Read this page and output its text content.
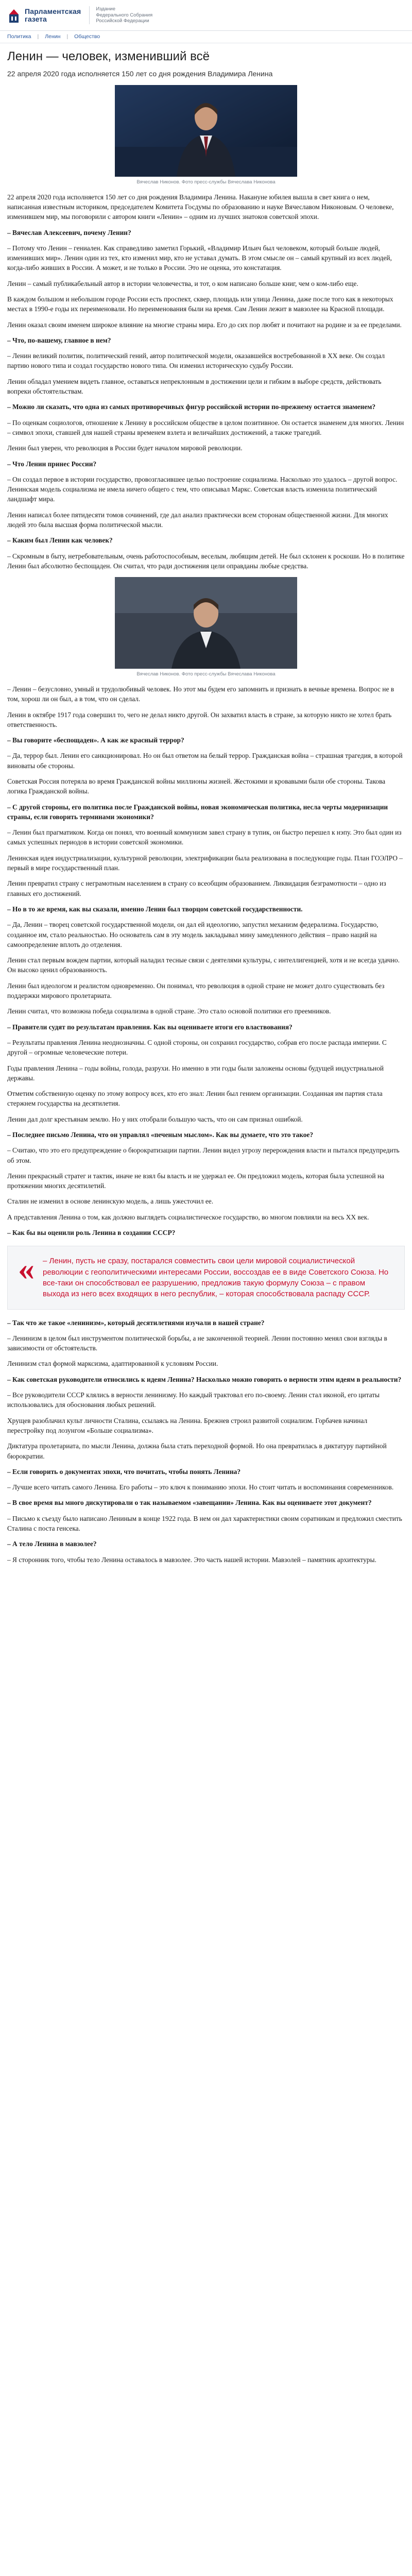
Парламентская
газета
Издание
Федерального Собрания
Российской Федерации
Политика | Ленин | Общество
Ленин — человек, изменивший всё
22 апреля 2020 года исполняется 150 лет со дня рождения Владимира Ленина
Вячеслав Никонов. Фото пресс-службы Вячеслава Никонова

22 апреля 2020 года исполняется 150 лет со дня рождения Владимира Ленина. Накануне юбилея вышла в свет книга о нем, написанная известным историком, председателем Комитета Госдумы по образованию и науке Вячеславом Никоновым. О человеке, изменившем мир, мы поговорили с автором книги «Ленин» – одним из лучших знатоков советской эпохи.

– Вячеслав Алексеевич, почему Ленин?

– Потому что Ленин – гениален. Как справедливо заметил Горький, «Владимир Ильич был человеком, который больше людей, изменивших мир». Ленин один из тех, кто изменил мир, кто не уставал думать. В этом смысле он – самый крупный из всех людей, когда-либо живших в России. А может, и не только в России. Это не оценка, это констатация.

Ленин – самый публикабельный автор в истории человечества, и тот, о ком написано больше книг, чем о ком-либо еще.

В каждом большом и небольшом городе России есть проспект, сквер, площадь или улица Ленина, даже после того как в некоторых местах в 1990-е годы их переименовали. Но переименования были на время. Сам Ленин лежит в мавзолее на Красной площади.

Ленин оказал своим именем широкое влияние на многие страны мира. Его до сих пор любят и почитают на родине и за ее пределами.

– Что, по-вашему, главное в нем?

– Ленин великий политик, политический гений, автор политической модели, оказавшейся востребованной в ХХ веке. Он создал партию нового типа и создал государство нового типа. Он изменил историческую судьбу России.

Ленин обладал умением видеть главное, оставаться непреклонным в достижении цели и гибким в выборе средств, действовать вопреки обстоятельствам.

– Можно ли сказать, что одна из самых противоречивых фигур российской истории по-прежнему остается знаменем?

– По оценкам социологов, отношение к Ленину в российском обществе в целом позитивное. Он остается знаменем для многих. Ленин – символ эпохи, ставшей для нашей страны временем взлета и величайших достижений, а также трагедий.

Ленин был уверен, что революция в России будет началом мировой революции.

– Что Ленин принес России?

– Он создал первое в истории государство, провозгласившее целью построение социализма. Насколько это удалось – другой вопрос. Ленинская модель социализма не имела ничего общего с тем, что описывал Маркс. Советская власть изменила политический ландшафт мира.

Ленин написал более пятидесяти томов сочинений, где дал анализ практически всем сторонам общественной жизни. Для многих людей это была высшая форма политической мысли.

– Каким был Ленин как человек?

– Скромным в быту, нетребовательным, очень работоспособным, веселым, любящим детей. Не был склонен к роскоши. Но в политике Ленин был абсолютно беспощаден. Он считал, что ради достижения цели оправданы любые средства.

Вячеслав Никонов. Фото пресс-службы Вячеслава Никонова

– Ленин – безусловно, умный и трудолюбивый человек. Но этот мы будем его запомнить и признать в вечные времена. Вопрос не в том, хорош ли он был, а в том, что он сделал.

Ленин в октябре 1917 года совершил то, чего не делал никто другой. Он захватил власть в стране, за которую никто не хотел брать ответственность.

– Вы говорите «беспощаден». А как же красный террор?

– Да, террор был. Ленин его санкционировал. Но он был ответом на белый террор. Гражданская война – страшная трагедия, в которой виноваты обе стороны.

Советская Россия потеряла во время Гражданской войны миллионы жизней. Жестокими и кровавыми были обе стороны. Такова логика Гражданской войны.

– С другой стороны, его политика после Гражданской войны, новая экономическая политика, несла черты модернизации страны, если говорить терминами экономики?

– Ленин был прагматиком. Когда он понял, что военный коммунизм завел страну в тупик, он быстро перешел к нэпу. Это был один из самых успешных периодов в истории советской экономики.

Ленинская идея индустриализации, культурной революции, электрификации была реализована в последующие годы. План ГОЭЛРО – первый в мире государственный план.

Ленин превратил страну с неграмотным населением в страну со всеобщим образованием. Ликвидация безграмотности – одно из главных его достижений.

– Но в то же время, как вы сказали, именно Ленин был творцом советской государственности.

– Да, Ленин – творец советской государственной модели, он дал ей идеологию, запустил механизм федерализма. Государство, созданное им, стало реальностью. Но основатель сам в эту модель закладывал мину замедленного действия – право наций на самоопределение вплоть до отделения.

Ленин стал первым вождем партии, который наладил тесные связи с деятелями культуры, с интеллигенцией, хотя и не всегда удачно. Он высоко ценил образованность.

Ленин был идеологом и реалистом одновременно. Он понимал, что революция в одной стране не может долго существовать без поддержки мирового пролетариата.

Ленин считал, что возможна победа социализма в одной стране. Это стало основой политики его преемников.

– Правители судят по результатам правления. Как вы оцениваете итоги его властвования?

– Результаты правления Ленина неоднозначны. С одной стороны, он сохранил государство, собрав его после распада империи. С другой – огромные человеческие потери.

Годы правления Ленина – годы войны, голода, разрухи. Но именно в эти годы были заложены основы будущей индустриальной державы.

Отметим собственную оценку по этому вопросу всех, кто его знал: Ленин был гением организации. Созданная им партия стала стержнем государства на десятилетия.

Ленин дал долг крестьянам землю. Но у них отобрали большую часть, что он сам признал ошибкой.

– Последнее письмо Ленина, что он управлял «печеным мыслом». Как вы думаете, что это такое?

– Считаю, что это его предупреждение о бюрократизации партии. Ленин видел угрозу перерождения власти и пытался предупредить об этом.

Ленин прекрасный стратег и тактик, иначе не взял бы власть и не удержал ее. Он предложил модель, которая была успешной на протяжении многих десятилетий.

Сталин не изменил в основе ленинскую модель, а лишь ужесточил ее.

А представления Ленина о том, как должно выглядеть социалистическое государство, во многом повлияли на весь ХХ век.

– Как бы вы оценили роль Ленина в создании СССР?

« – Ленин, пусть не сразу, постарался совместить свои цели мировой социалистической революции с геополитическими интересами России, воссоздав ее в виде Советского Союза. Но все-таки он способствовал ее разрушению, предложив такую формулу Союза – с правом выхода из него всех входящих в него республик, – которая способствовала распаду СССР.

– Так что же такое «ленинизм», который десятилетиями изучали в нашей стране?

– Ленинизм в целом был инструментом политической борьбы, а не законченной теорией. Ленин постоянно менял свои взгляды в зависимости от обстоятельств.

Ленинизм стал формой марксизма, адаптированной к условиям России.

– Как советская руководители относились к идеям Ленина? Насколько можно говорить о верности этим идеям в реальности?

– Все руководители СССР клялись в верности ленинизму. Но каждый трактовал его по-своему. Ленин стал иконой, его цитаты использовались для обоснования любых решений.

Хрущев разоблачил культ личности Сталина, ссылаясь на Ленина. Брежнев строил развитой социализм. Горбачев начинал перестройку под лозунгом «Больше социализма».

Диктатура пролетариата, по мысли Ленина, должна была стать переходной формой. Но она превратилась в диктатуру партийной бюрократии.

– Если говорить о документах эпохи, что почитать, чтобы понять Ленина?

– Лучше всего читать самого Ленина. Его работы – это ключ к пониманию эпохи. Но стоит читать и воспоминания современников.

– В свое время вы много дискутировали о так называемом «завещании» Ленина. Как вы оцениваете этот документ?

– Письмо к съезду было написано Лениным в конце 1922 года. В нем он дал характеристики своим соратникам и предложил сместить Сталина с поста генсека.

– А тело Ленина в мавзолее?

– Я сторонник того, чтобы тело Ленина оставалось в мавзолее. Это часть нашей истории. Мавзолей – памятник архитектуры.
